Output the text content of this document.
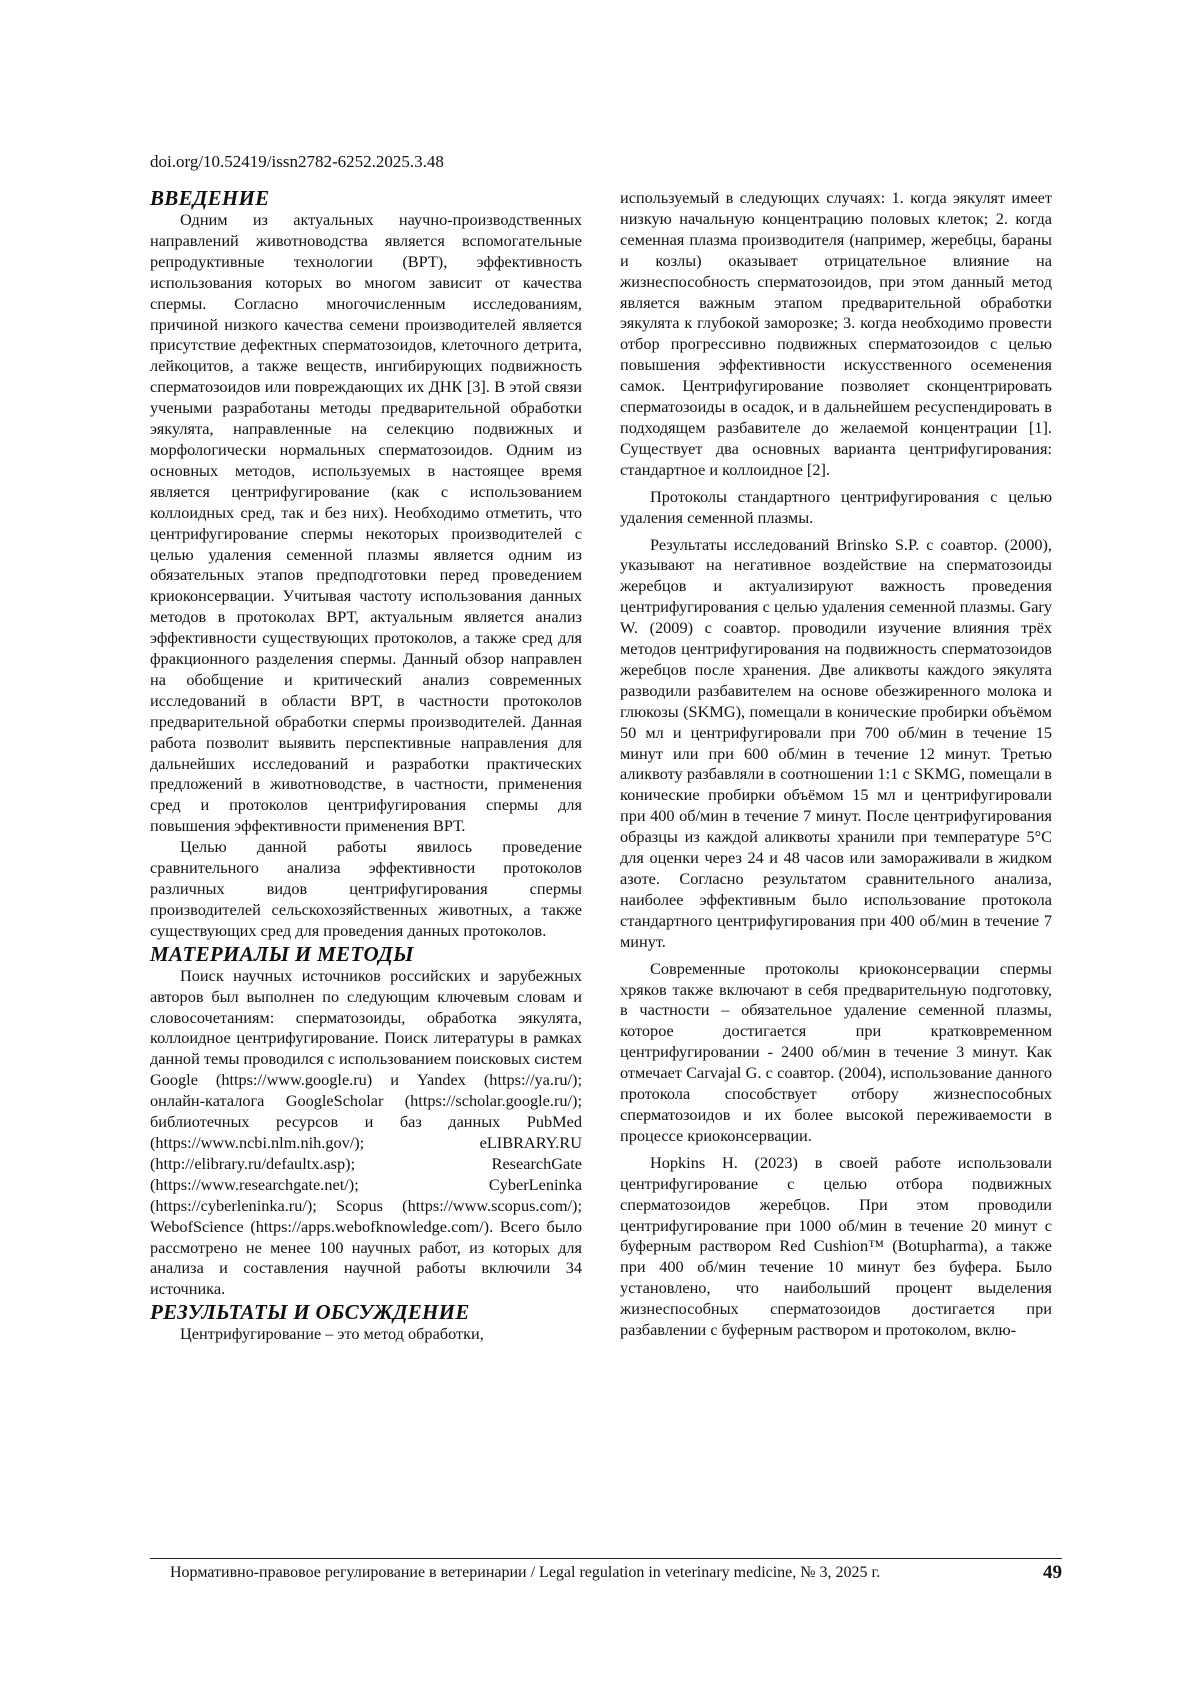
doi.org/10.52419/issn2782-6252.2025.3.48
ВВЕДЕНИЕ

Одним из актуальных научно-производственных направлений животноводства является вспомогательные репродуктивные технологии (ВРТ), эффективность использования которых во многом зависит от качества спермы. Согласно многочисленным исследованиям, причиной низкого качества семени производителей является присутствие дефектных сперматозоидов, клеточного детрита, лейкоцитов, а также веществ, ингибирующих подвижность сперматозоидов или повреждающих их ДНК [3]. В этой связи учеными разработаны методы предварительной обработки эякулята, направленные на селекцию подвижных и морфологически нормальных сперматозоидов. Одним из основных методов, используемых в настоящее время является центрифугирование (как с использованием коллоидных сред, так и без них). Необходимо отметить, что центрифугирование спермы некоторых производителей с целью удаления семенной плазмы является одним из обязательных этапов предподготовки перед проведением криоконсервации. Учитывая частоту использования данных методов в протоколах ВРТ, актуальным является анализ эффективности существующих протоколов, а также сред для фракционного разделения спермы. Данный обзор направлен на обобщение и критический анализ современных исследований в области ВРТ, в частности протоколов предварительной обработки спермы производителей. Данная работа позволит выявить перспективные направления для дальнейших исследований и разработки практических предложений в животноводстве, в частности, применения сред и протоколов центрифугирования спермы для повышения эффективности применения ВРТ.

Целью данной работы явилось проведение сравнительного анализа эффективности протоколов различных видов центрифугирования спермы производителей сельскохозяйственных животных, а также существующих сред для проведения данных протоколов.

МАТЕРИАЛЫ И МЕТОДЫ

Поиск научных источников российских и зарубежных авторов был выполнен по следующим ключевым словам и словосочетаниям: сперматозоиды, обработка эякулята, коллоидное центрифугирование. Поиск литературы в рамках данной темы проводился с использованием поисковых систем Google (https://www.google.ru) и Yandex (https://ya.ru/); онлайн-каталога GoogleScholar (https://scholar.google.ru/); библиотечных ресурсов и баз данных PubMed (https://www.ncbi.nlm.nih.gov/); eLIBRARY.RU (http://elibrary.ru/defaultx.asp); ResearchGate (https://www.researchgate.net/); CyberLeninka (https://cyberleninka.ru/); Scopus (https://www.scopus.com/); WebofScience (https://apps.webofknowledge.com/). Всего было рассмотрено не менее 100 научных работ, из которых для анализа и составления научной работы включили 34 источника.

РЕЗУЛЬТАТЫ И ОБСУЖДЕНИЕ

Центрифугирование – это метод обработки,

используемый в следующих случаях: 1. когда эякулят имеет низкую начальную концентрацию половых клеток; 2. когда семенная плазма производителя (например, жеребцы, бараны и козлы) оказывает отрицательное влияние на жизнеспособность сперматозоидов, при этом данный метод является важным этапом предварительной обработки эякулята к глубокой заморозке; 3. когда необходимо провести отбор прогрессивно подвижных сперматозоидов с целью повышения эффективности искусственного осеменения самок. Центрифугирование позволяет сконцентрировать сперматозоиды в осадок, и в дальнейшем ресуспендировать в подходящем разбавителе до желаемой концентрации [1]. Существует два основных варианта центрифугирования: стандартное и коллоидное [2].

Протоколы стандартного центрифугирования с целью удаления семенной плазмы.

Результаты исследований Brinsko S.P. с соавтор. (2000), указывают на негативное воздействие на сперматозоиды жеребцов и актуализируют важность проведения центрифугирования с целью удаления семенной плазмы. Gary W. (2009) с соавтор. проводили изучение влияния трёх методов центрифугирования на подвижность сперматозоидов жеребцов после хранения. Две аликвоты каждого эякулята разводили разбавителем на основе обезжиренного молока и глюкозы (SKMG), помещали в конические пробирки объёмом 50 мл и центрифугировали при 700 об/мин в течение 15 минут или при 600 об/мин в течение 12 минут. Третью аликвоту разбавляли в соотношении 1:1 с SKMG, помещали в конические пробирки объёмом 15 мл и центрифугировали при 400 об/мин в течение 7 минут. После центрифугирования образцы из каждой аликвоты хранили при температуре 5°С для оценки через 24 и 48 часов или замораживали в жидком азоте. Согласно результатом сравнительного анализа, наиболее эффективным было использование протокола стандартного центрифугирования при 400 об/мин в течение 7 минут.

Современные протоколы криоконсервации спермы хряков также включают в себя предварительную подготовку, в частности – обязательное удаление семенной плазмы, которое достигается при кратковременном центрифугировании - 2400 об/мин в течение 3 минут. Как отмечает Carvajal G. с соавтор. (2004), использование данного протокола способствует отбору жизнеспособных сперматозоидов и их более высокой переживаемости в процессе криоконсервации.

Hopkins H. (2023) в своей работе использовали центрифугирование с целью отбора подвижных сперматозоидов жеребцов. При этом проводили центрифугирование при 1000 об/мин в течение 20 минут с буферным раствором Red Cushion™ (Botupharma), а также при 400 об/мин течение 10 минут без буфера. Было установлено, что наибольший процент выделения жизнеспособных сперматозоидов достигается при разбавлении с буферным раствором и протоколом, вклю-

Нормативно-правовое регулирование в ветеринарии / Legal regulation in veterinary medicine, № 3, 2025 г.	49
